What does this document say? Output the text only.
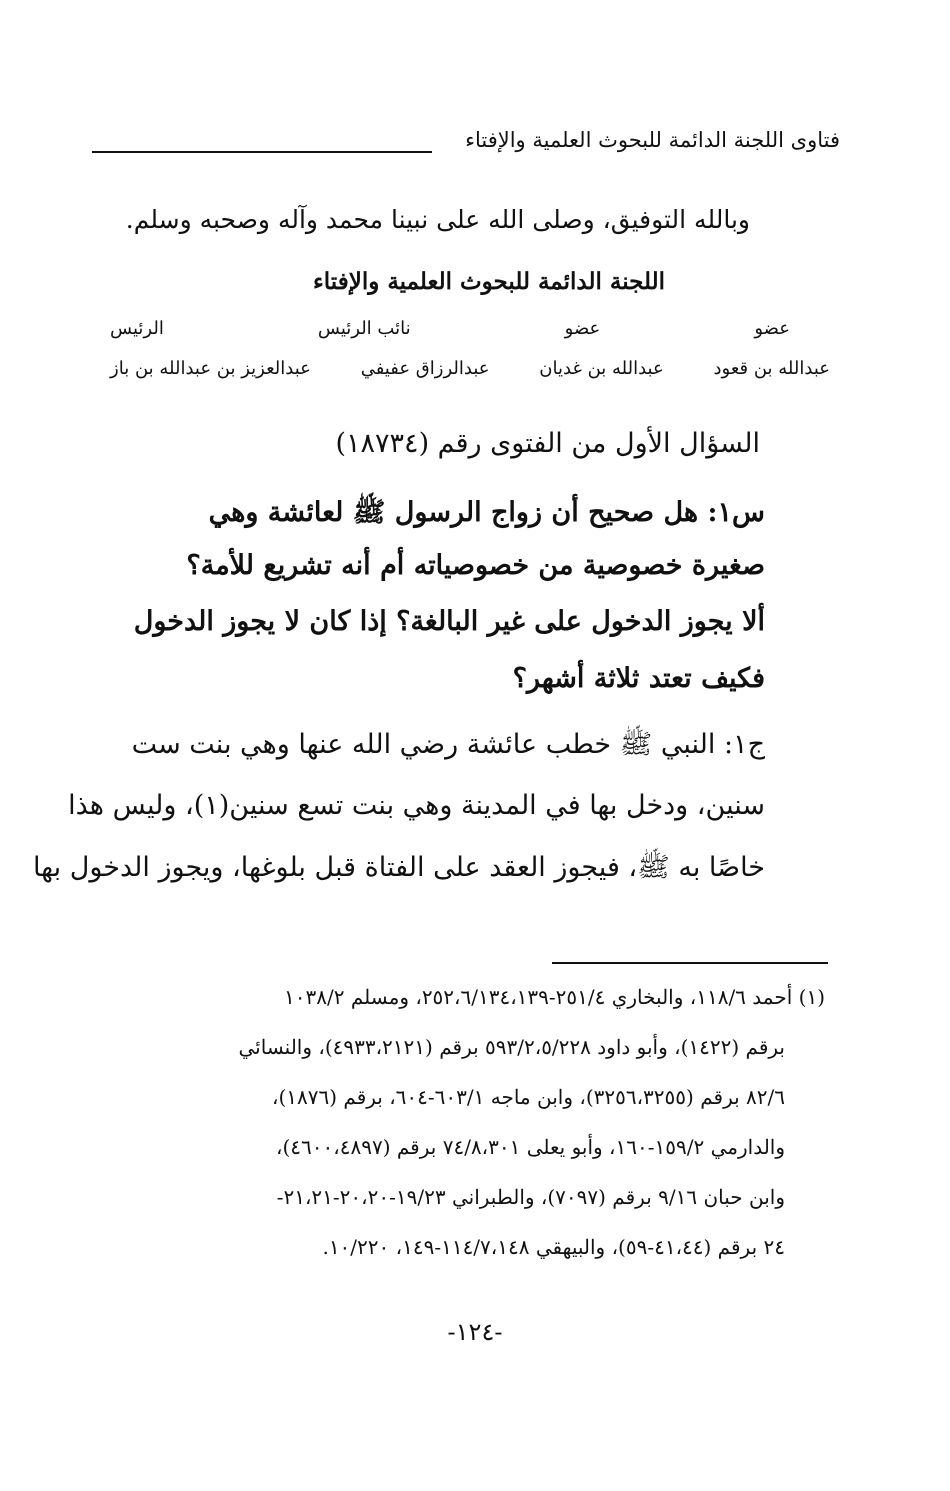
فتاوى اللجنة الدائمة للبحوث العلمية والإفتاء
وبالله التوفيق، وصلى الله على نبينا محمد وآله وصحبه وسلم.
اللجنة الدائمة للبحوث العلمية والإفتاء
عضو
عضو
نائب الرئيس
الرئيس
عبدالله بن قعود
عبدالله بن غديان
عبدالرزاق عفيفي
عبدالعزيز بن عبدالله بن باز
السؤال الأول من الفتوى رقم (١٨٧٣٤)
س١: هل صحيح أن زواج الرسول ﷺ لعائشة وهي
صغيرة خصوصية من خصوصياته أم أنه تشريع للأمة؟
ألا يجوز الدخول على غير البالغة؟ إذا كان لا يجوز الدخول
فكيف تعتد ثلاثة أشهر؟
ج١: النبي ﷺ خطب عائشة رضي الله عنها وهي بنت ست
سنين، ودخل بها في المدينة وهي بنت تسع سنين(١)، وليس هذا
خاصًا به ﷺ، فيجوز العقد على الفتاة قبل بلوغها، ويجوز الدخول بها
(١) أحمد ١١٨/٦، والبخاري ٢٥١/٤-٢٥٢،٦/١٣٤،١٣٩، ومسلم ١٠٣٨/٢
برقم (١٤٢٢)، وأبو داود ٥٩٣/٢،٥/٢٢٨ برقم (٤٩٣٣،٢١٢١)، والنسائي
٨٢/٦ برقم (٣٢٥٦،٣٢٥٥)، وابن ماجه ٦٠٣/١-٦٠٤، برقم (١٨٧٦)،
والدارمي ١٥٩/٢-١٦٠، وأبو يعلى ٧٤/٨،٣٠١ برقم (٤٦٠٠،٤٨٩٧)،
وابن حبان ٩/١٦ برقم (٧٠٩٧)، والطبراني ١٩/٢٣-٢٠،٢٠-٢١،٢١-
٢٤ برقم (٤١،٤٤-٥٩)، والبيهقي ١١٤/٧،١٤٨-١٤٩، ١٠/٢٢٠.
-١٢٤-
